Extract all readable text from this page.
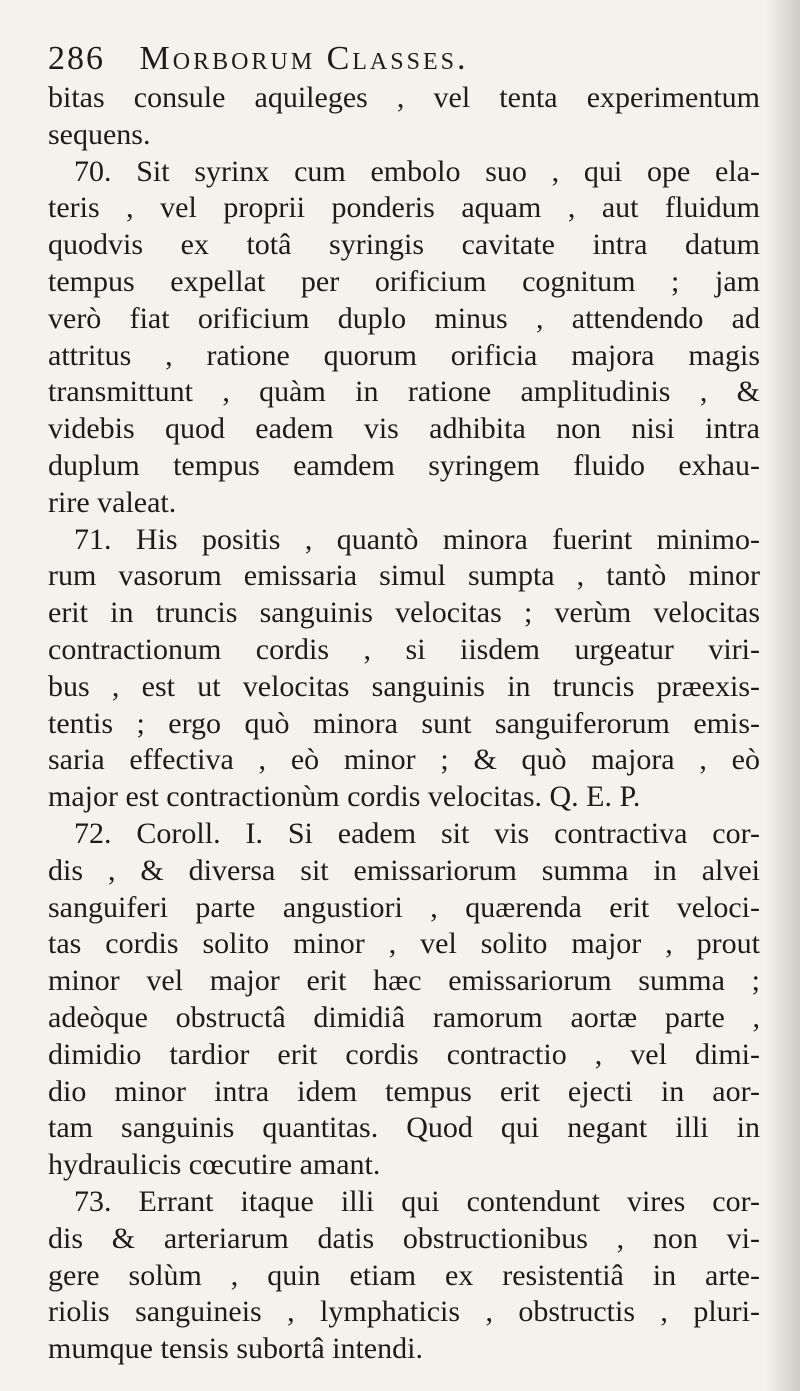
286 Morborum Classes.
bitas consule aquileges , vel tenta experimentum
sequens.
70. Sit syrinx cum embolo suo , qui ope ela-
teris , vel proprii ponderis aquam , aut fluidum
quodvis ex totâ syringis cavitate intra datum
tempus expellat per orificium cognitum ; jam
verò fiat orificium duplo minus , attendendo ad
attritus , ratione quorum orificia majora magis
transmittunt , quàm in ratione amplitudinis , &
videbis quod eadem vis adhibita non nisi intra
duplum tempus eamdem syringem fluido exhau-
rire valeat.
71. His positis , quantò minora fuerint minimo-
rum vasorum emissaria simul sumpta , tantò minor
erit in truncis sanguinis velocitas ; verùm velocitas
contractionum cordis , si iisdem urgeatur viri-
bus , est ut velocitas sanguinis in truncis præexis-
tentis ; ergo quò minora sunt sanguiferorum emis-
saria effectiva , eò minor ; & quò majora , eò
major est contractionùm cordis velocitas. Q. E. P.
72. Coroll. I. Si eadem sit vis contractiva cor-
dis , & diversa sit emissariorum summa in alvei
sanguiferi parte angustiori , quærenda erit veloci-
tas cordis solito minor , vel solito major , prout
minor vel major erit hæc emissariorum summa ;
adeòque obstructâ dimidiâ ramorum aortæ parte ,
dimidio tardior erit cordis contractio , vel dimi-
dio minor intra idem tempus erit ejecti in aor-
tam sanguinis quantitas. Quod qui negant illi in
hydraulicis cœcutire amant.
73. Errant itaque illi qui contendunt vires cor-
dis & arteriarum datis obstructionibus , non vi-
gere solùm , quin etiam ex resistentiâ in arte-
riolis sanguineis , lymphaticis , obstructis , pluri-
mumque tensis subortâ intendi.
